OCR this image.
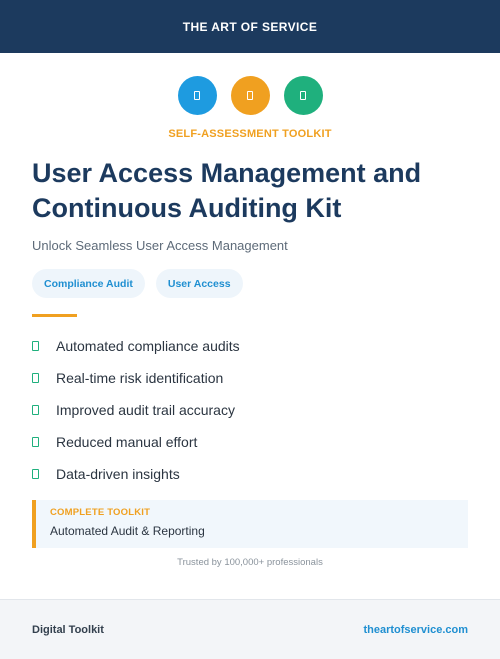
THE ART OF SERVICE
SELF-ASSESSMENT TOOLKIT
User Access Management and Continuous Auditing Kit

Unlock Seamless User Access Management

Compliance Audit	User Access
Automated compliance audits
Real-time risk identification
Improved audit trail accuracy
Reduced manual effort
Data-driven insights
COMPLETE TOOLKIT
Automated Audit & Reporting
Trusted by 100,000+ professionals
Digital Toolkit	theartofservice.com
